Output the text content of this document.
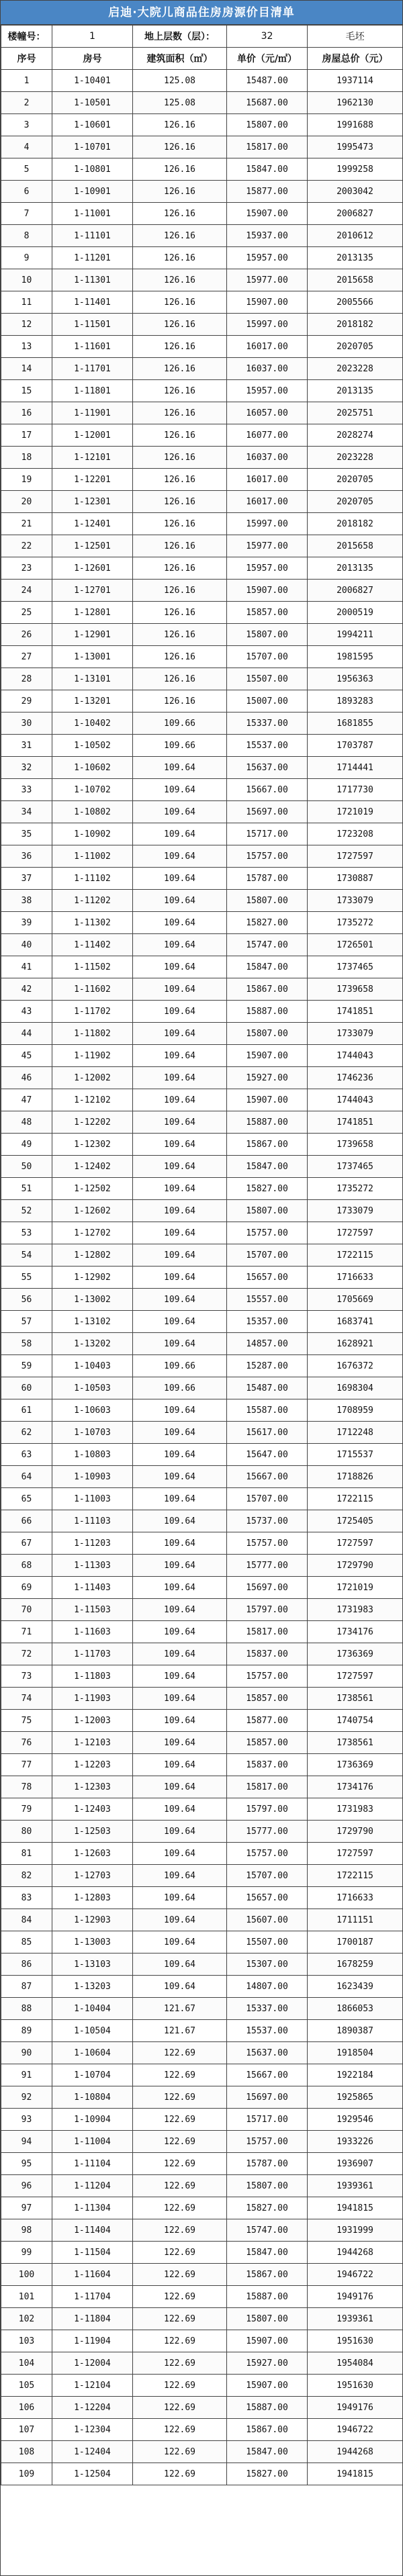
启迪·大院儿商品住房房源价目清单
楼幢号：	1	地上层数（层）：	32	毛坯
序号	房号	建筑面积（㎡）	单价（元/㎡）	房屋总价（元）
1	1-10401	125.08	15487.00	1937114
2	1-10501	125.08	15687.00	1962130
3	1-10601	126.16	15807.00	1991688
4	1-10701	126.16	15817.00	1995473
5	1-10801	126.16	15847.00	1999258
6	1-10901	126.16	15877.00	2003042
7	1-11001	126.16	15907.00	2006827
8	1-11101	126.16	15937.00	2010612
9	1-11201	126.16	15957.00	2013135
10	1-11301	126.16	15977.00	2015658
11	1-11401	126.16	15907.00	2005566
12	1-11501	126.16	15997.00	2018182
13	1-11601	126.16	16017.00	2020705
14	1-11701	126.16	16037.00	2023228
15	1-11801	126.16	15957.00	2013135
16	1-11901	126.16	16057.00	2025751
17	1-12001	126.16	16077.00	2028274
18	1-12101	126.16	16037.00	2023228
19	1-12201	126.16	16017.00	2020705
20	1-12301	126.16	16017.00	2020705
21	1-12401	126.16	15997.00	2018182
22	1-12501	126.16	15977.00	2015658
23	1-12601	126.16	15957.00	2013135
24	1-12701	126.16	15907.00	2006827
25	1-12801	126.16	15857.00	2000519
26	1-12901	126.16	15807.00	1994211
27	1-13001	126.16	15707.00	1981595
28	1-13101	126.16	15507.00	1956363
29	1-13201	126.16	15007.00	1893283
30	1-10402	109.66	15337.00	1681855
31	1-10502	109.66	15537.00	1703787
32	1-10602	109.64	15637.00	1714441
33	1-10702	109.64	15667.00	1717730
34	1-10802	109.64	15697.00	1721019
35	1-10902	109.64	15717.00	1723208
36	1-11002	109.64	15757.00	1727597
37	1-11102	109.64	15787.00	1730887
38	1-11202	109.64	15807.00	1733079
39	1-11302	109.64	15827.00	1735272
40	1-11402	109.64	15747.00	1726501
41	1-11502	109.64	15847.00	1737465
42	1-11602	109.64	15867.00	1739658
43	1-11702	109.64	15887.00	1741851
44	1-11802	109.64	15807.00	1733079
45	1-11902	109.64	15907.00	1744043
46	1-12002	109.64	15927.00	1746236
47	1-12102	109.64	15907.00	1744043
48	1-12202	109.64	15887.00	1741851
49	1-12302	109.64	15867.00	1739658
50	1-12402	109.64	15847.00	1737465
51	1-12502	109.64	15827.00	1735272
52	1-12602	109.64	15807.00	1733079
53	1-12702	109.64	15757.00	1727597
54	1-12802	109.64	15707.00	1722115
55	1-12902	109.64	15657.00	1716633
56	1-13002	109.64	15557.00	1705669
57	1-13102	109.64	15357.00	1683741
58	1-13202	109.64	14857.00	1628921
59	1-10403	109.66	15287.00	1676372
60	1-10503	109.66	15487.00	1698304
61	1-10603	109.64	15587.00	1708959
62	1-10703	109.64	15617.00	1712248
63	1-10803	109.64	15647.00	1715537
64	1-10903	109.64	15667.00	1718826
65	1-11003	109.64	15707.00	1722115
66	1-11103	109.64	15737.00	1725405
67	1-11203	109.64	15757.00	1727597
68	1-11303	109.64	15777.00	1729790
69	1-11403	109.64	15697.00	1721019
70	1-11503	109.64	15797.00	1731983
71	1-11603	109.64	15817.00	1734176
72	1-11703	109.64	15837.00	1736369
73	1-11803	109.64	15757.00	1727597
74	1-11903	109.64	15857.00	1738561
75	1-12003	109.64	15877.00	1740754
76	1-12103	109.64	15857.00	1738561
77	1-12203	109.64	15837.00	1736369
78	1-12303	109.64	15817.00	1734176
79	1-12403	109.64	15797.00	1731983
80	1-12503	109.64	15777.00	1729790
81	1-12603	109.64	15757.00	1727597
82	1-12703	109.64	15707.00	1722115
83	1-12803	109.64	15657.00	1716633
84	1-12903	109.64	15607.00	1711151
85	1-13003	109.64	15507.00	1700187
86	1-13103	109.64	15307.00	1678259
87	1-13203	109.64	14807.00	1623439
88	1-10404	121.67	15337.00	1866053
89	1-10504	121.67	15537.00	1890387
90	1-10604	122.69	15637.00	1918504
91	1-10704	122.69	15667.00	1922184
92	1-10804	122.69	15697.00	1925865
93	1-10904	122.69	15717.00	1929546
94	1-11004	122.69	15757.00	1933226
95	1-11104	122.69	15787.00	1936907
96	1-11204	122.69	15807.00	1939361
97	1-11304	122.69	15827.00	1941815
98	1-11404	122.69	15747.00	1931999
99	1-11504	122.69	15847.00	1944268
100	1-11604	122.69	15867.00	1946722
101	1-11704	122.69	15887.00	1949176
102	1-11804	122.69	15807.00	1939361
103	1-11904	122.69	15907.00	1951630
104	1-12004	122.69	15927.00	1954084
105	1-12104	122.69	15907.00	1951630
106	1-12204	122.69	15887.00	1949176
107	1-12304	122.69	15867.00	1946722
108	1-12404	122.69	15847.00	1944268
109	1-12504	122.69	15827.00	1941815
